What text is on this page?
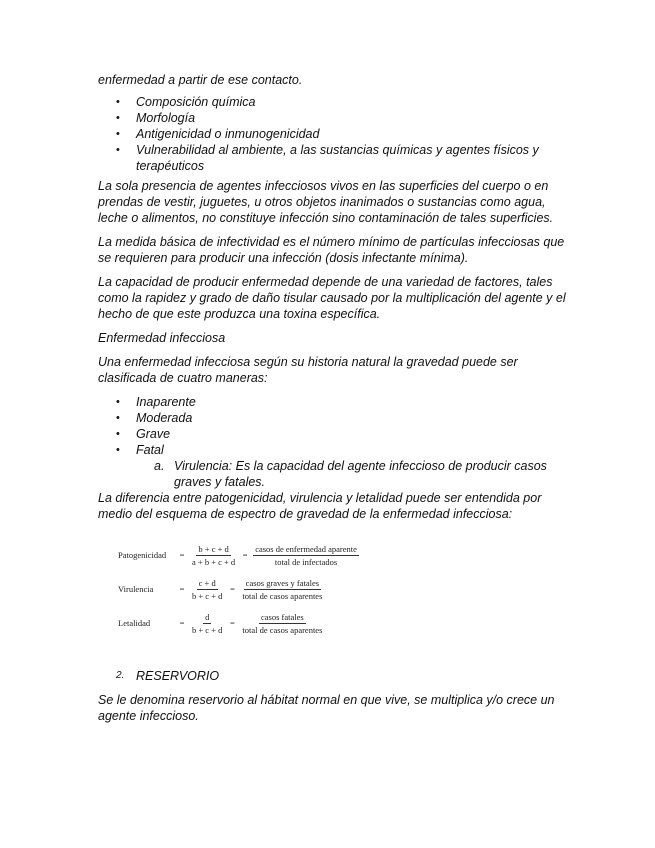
enfermedad a partir de ese contacto.

• Composición química
• Morfología
• Antigenicidad o inmunogenicidad
• Vulnerabilidad al ambiente, a las sustancias químicas y agentes físicos y terapéuticos

La sola presencia de agentes infecciosos vivos en las superficies del cuerpo o en prendas de vestir, juguetes, u otros objetos inanimados o sustancias como agua, leche o alimentos, no constituye infección sino contaminación de tales superficies.

La medida básica de infectividad es el número mínimo de partículas infecciosas que se requieren para producir una infección (dosis infectante mínima).

La capacidad de producir enfermedad depende de una variedad de factores, tales como la rapidez y grado de daño tisular causado por la multiplicación del agente y el hecho de que este produzca una toxina específica.

Enfermedad infecciosa

Una enfermedad infecciosa según su historia natural la gravedad puede ser clasificada de cuatro maneras:

• Inaparente
• Moderada
• Grave
• Fatal
a. Virulencia: Es la capacidad del agente infeccioso de producir casos graves y fatales.

La diferencia entre patogenicidad, virulencia y letalidad puede ser entendida por medio del esquema de espectro de gravedad de la enfermedad infecciosa:

Patogenicidad	= $\frac{b + c + d}{a + b + c + d} = \frac{\text{casos de enfermedad aparente}}{\text{total de infectados}}$
Virulencia	= $\frac{c + d}{b + c + d} = \frac{\text{casos graves y fatales}}{\text{total de casos aparentes}}$
Letalidad	= $\frac{d}{b + c + d} = \frac{\text{casos fatales}}{\text{total de casos aparentes}}$
2. RESERVORIO

Se le denomina reservorio al hábitat normal en que vive, se multiplica y/o crece un agente infeccioso.
